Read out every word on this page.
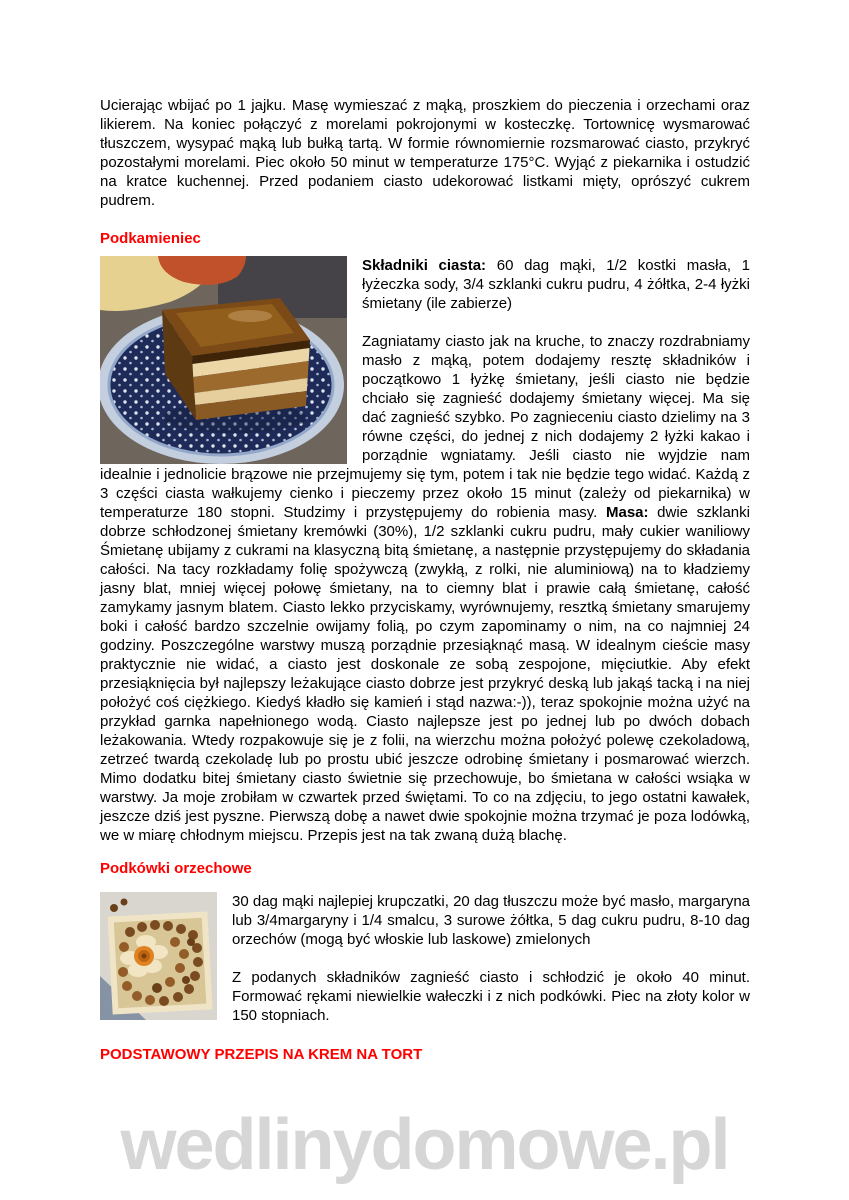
wedlinydomowe.pl

Ucierając wbijać po 1 jajku. Masę wymieszać z mąką, proszkiem do pieczenia i orzechami oraz likierem. Na koniec połączyć z morelami pokrojonymi w kosteczkę. Tortownicę wysmarować tłuszczem, wysypać mąką lub bułką tartą. W formie równomiernie rozsmarować ciasto, przykryć pozostałymi morelami. Piec około 50 minut w temperaturze 175°C. Wyjąć z piekarnika i ostudzić na kratce kuchennej. Przed podaniem ciasto udekorować listkami mięty, oprószyć cukrem pudrem.

Podkamieniec

Składniki ciasta: 60 dag mąki, 1/2 kostki masła, 1 łyżeczka sody, 3/4 szklanki cukru pudru, 4 żółtka, 2-4 łyżki śmietany (ile zabierze)

Zagniatamy ciasto jak na kruche, to znaczy rozdrabniamy masło z mąką, potem dodajemy resztę składników i początkowo 1 łyżkę śmietany, jeśli ciasto nie będzie chciało się zagnieść dodajemy śmietany więcej. Ma się dać zagnieść szybko. Po zagnieceniu ciasto dzielimy na 3 równe części, do jednej z nich dodajemy 2 łyżki kakao i porządnie wgniatamy. Jeśli ciasto nie wyjdzie nam idealnie i jednolicie brązowe nie przejmujemy się tym, potem i tak nie będzie tego widać. Każdą z 3 części ciasta wałkujemy cienko i pieczemy przez około 15 minut (zależy od piekarnika) w temperaturze 180 stopni. Studzimy i przystępujemy do robienia masy. Masa: dwie szklanki dobrze schłodzonej śmietany kremówki (30%), 1/2 szklanki cukru pudru, mały cukier waniliowy Śmietanę ubijamy z cukrami na klasyczną bitą śmietanę, a następnie przystępujemy do składania całości. Na tacy rozkładamy folię spożywczą (zwykłą, z rolki, nie aluminiową) na to kładziemy jasny blat, mniej więcej połowę śmietany, na to ciemny blat i prawie całą śmietanę, całość zamykamy jasnym blatem. Ciasto lekko przyciskamy, wyrównujemy, resztką śmietany smarujemy boki i całość bardzo szczelnie owijamy folią, po czym zapominamy o nim, na co najmniej 24 godziny. Poszczególne warstwy muszą porządnie przesiąknąć masą. W idealnym cieście masy praktycznie nie widać, a ciasto jest doskonale ze sobą zespojone, mięciutkie. Aby efekt przesiąknięcia był najlepszy leżakujące ciasto dobrze jest przykryć deską lub jakąś tacką i na niej położyć coś ciężkiego. Kiedyś kładło się kamień i stąd nazwa:-)), teraz spokojnie można użyć na przykład garnka napełnionego wodą. Ciasto najlepsze jest po jednej lub po dwóch dobach leżakowania. Wtedy rozpakowuje się je z folii, na wierzchu można położyć polewę czekoladową, zetrzeć twardą czekoladę lub po prostu ubić jeszcze odrobinę śmietany i posmarować wierzch. Mimo dodatku bitej śmietany ciasto świetnie się przechowuje, bo śmietana w całości wsiąka w warstwy. Ja moje zrobiłam w czwartek przed świętami. To co na zdjęciu, to jego ostatni kawałek, jeszcze dziś jest pyszne. Pierwszą dobę a nawet dwie spokojnie można trzymać je poza lodówką, we w miarę chłodnym miejscu. Przepis jest na tak zwaną dużą blachę.

Podkówki orzechowe

30 dag mąki najlepiej krupczatki, 20 dag tłuszczu może być masło, margaryna lub 3/4margaryny i 1/4 smalcu, 3 surowe żółtka, 5 dag cukru pudru, 8-10 dag orzechów (mogą być włoskie lub laskowe) zmielonych

Z podanych składników zagnieść ciasto i schłodzić je około 40 minut. Formować rękami niewielkie wałeczki i z nich podkówki. Piec na złoty kolor w 150 stopniach.

PODSTAWOWY PRZEPIS NA KREM NA TORT
